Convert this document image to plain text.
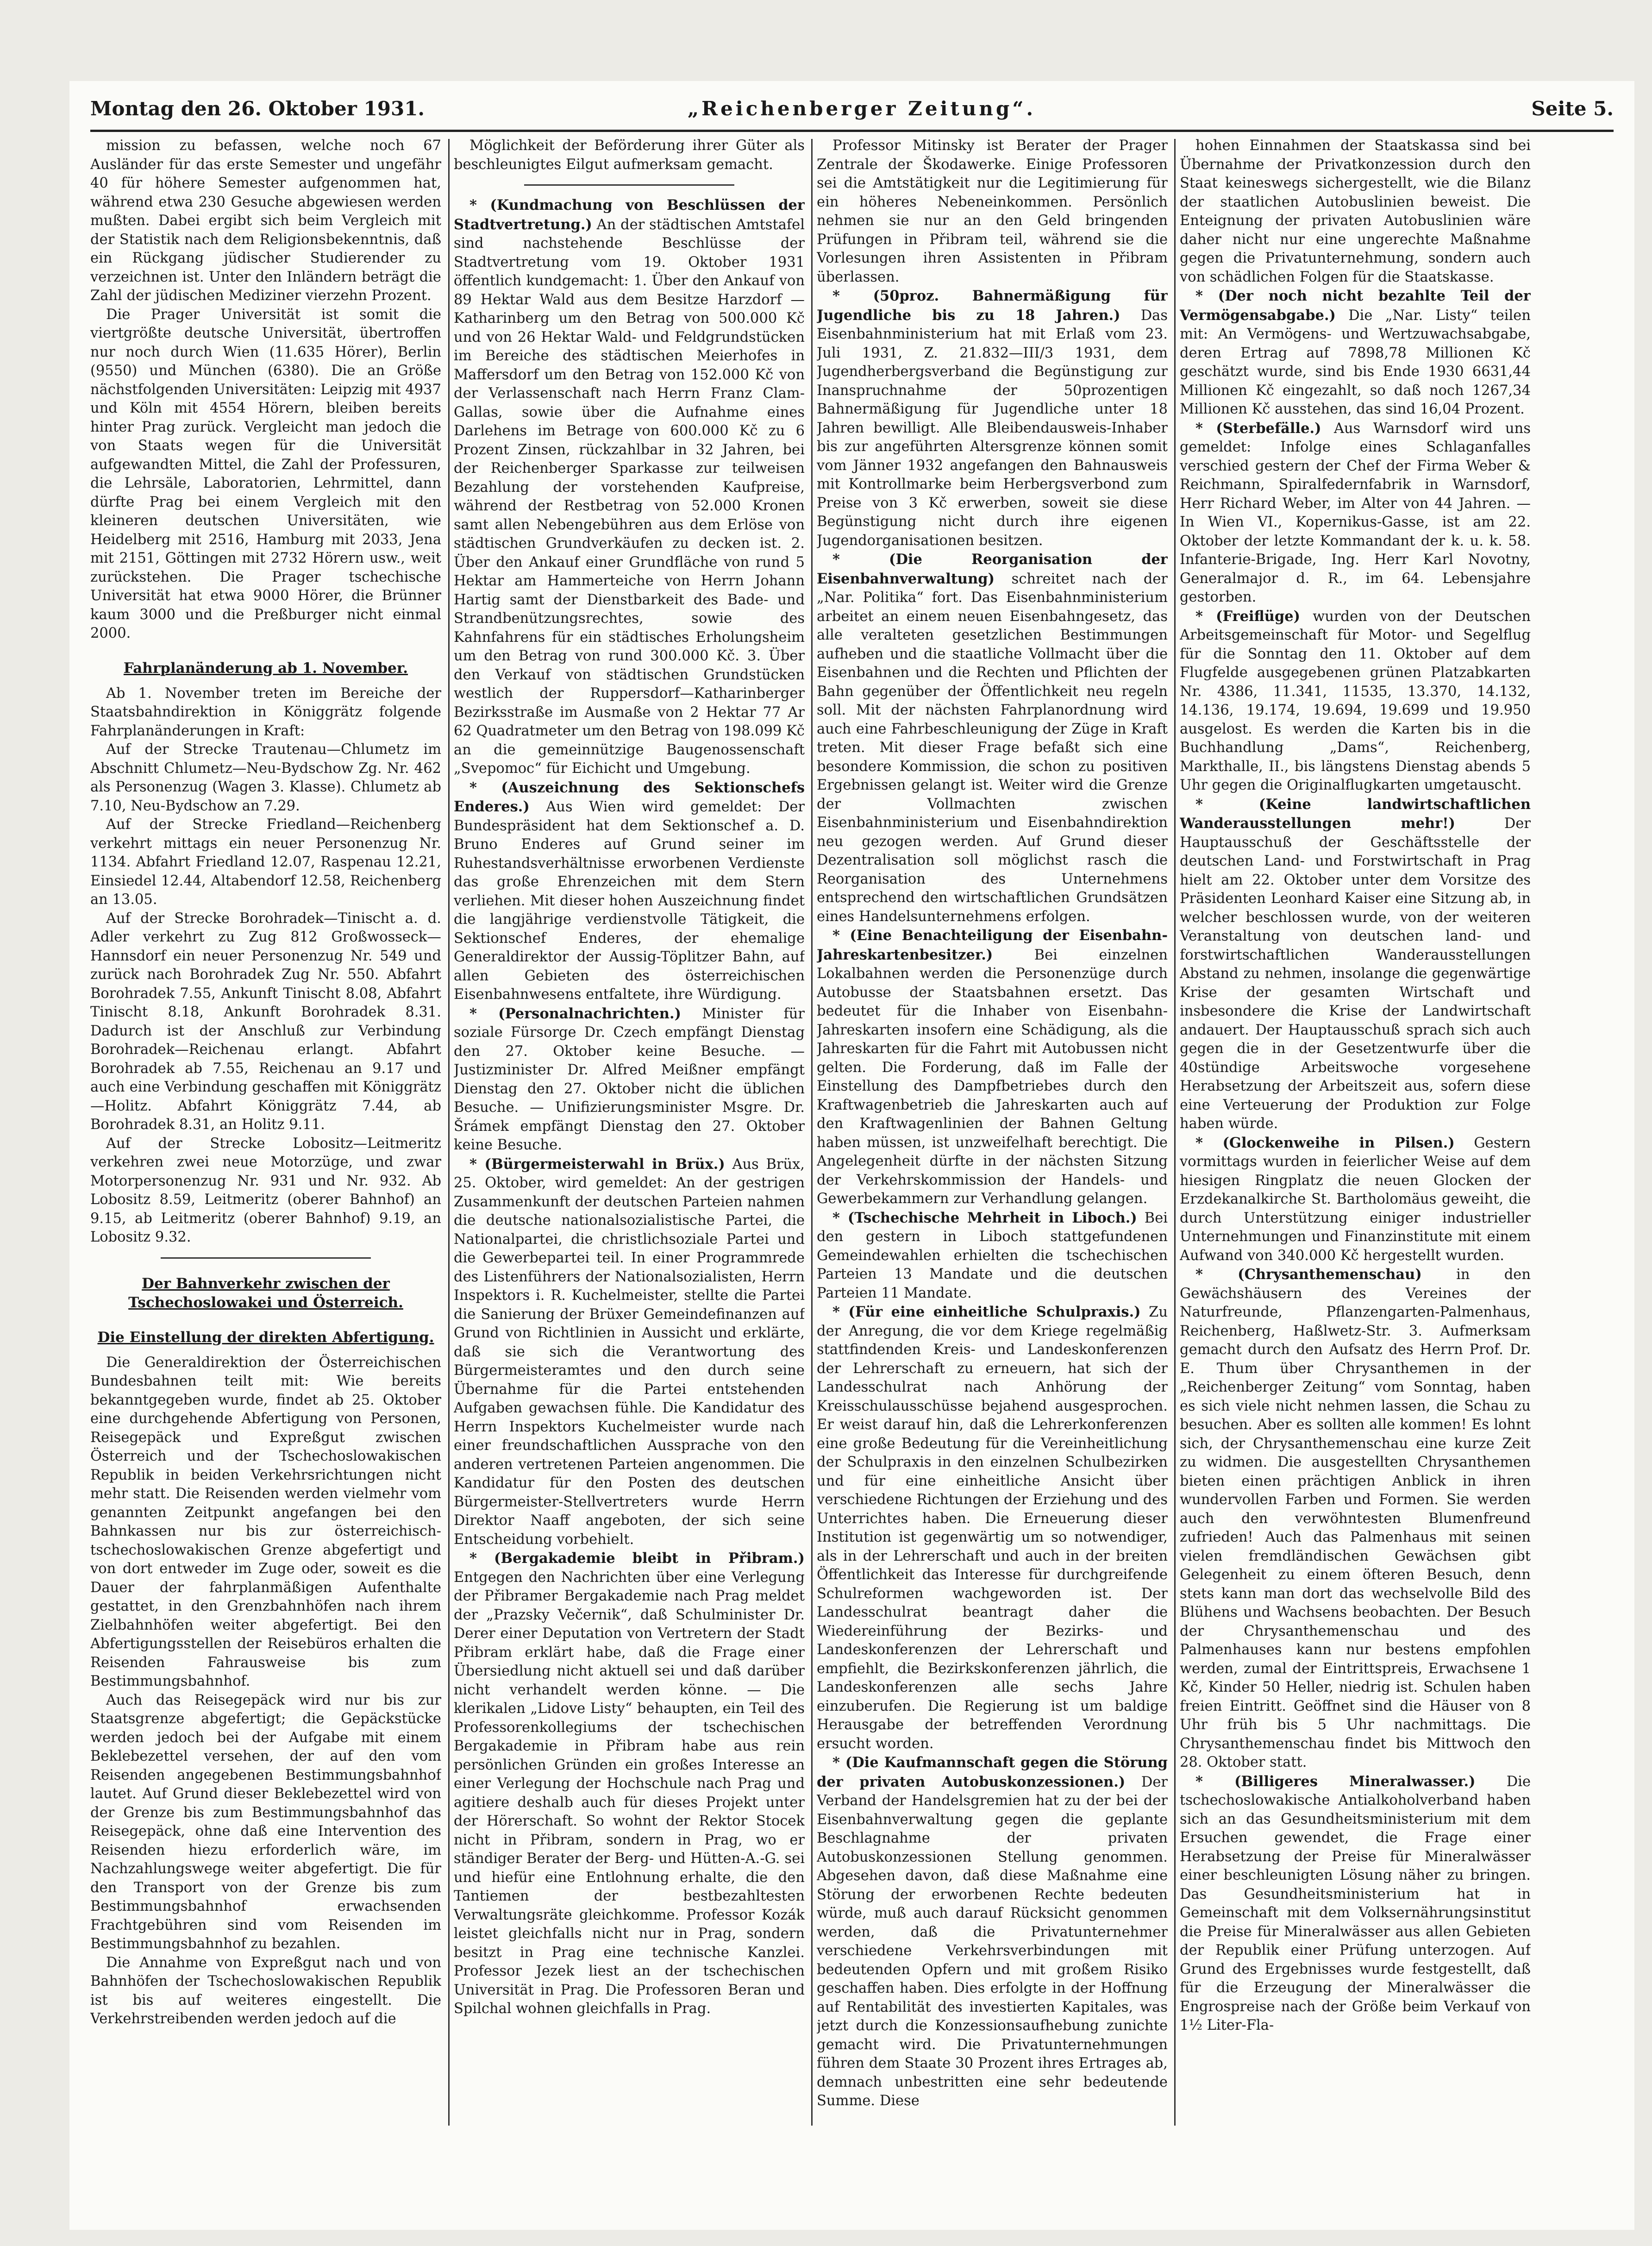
Montag den 26. Oktober 1931.	„Reichenberger Zeitung“.	Seite 5.

mission zu befassen, welche noch 67 Ausländer für das erste Semester und ungefähr 40 für höhere Semester aufgenommen hat, während etwa 230 Gesuche abgewiesen werden mußten. Dabei ergibt sich beim Vergleich mit der Statistik nach dem Religionsbekenntnis, daß ein Rückgang jüdischer Studierender zu verzeichnen ist. Unter den Inländern beträgt die Zahl der jüdischen Mediziner vierzehn Prozent.

Die Prager Universität ist somit die viertgrößte deutsche Universität, übertroffen nur noch durch Wien (11.635 Hörer), Berlin (9550) und München (6380). Die an Größe nächstfolgenden Universitäten: Leipzig mit 4937 und Köln mit 4554 Hörern, bleiben bereits hinter Prag zurück. Vergleicht man jedoch die von Staats wegen für die Universität aufgewandten Mittel, die Zahl der Professuren, die Lehrsäle, Laboratorien, Lehrmittel, dann dürfte Prag bei einem Vergleich mit den kleineren deutschen Universitäten, wie Heidelberg mit 2516, Hamburg mit 2033, Jena mit 2151, Göttingen mit 2732 Hörern usw., weit zurückstehen. Die Prager tschechische Universität hat etwa 9000 Hörer, die Brünner kaum 3000 und die Preßburger nicht einmal 2000.

Fahrplanänderung ab 1. November.

Ab 1. November treten im Bereiche der Staatsbahndirektion in Königgrätz folgende Fahrplanänderungen in Kraft:

Auf der Strecke Trautenau—Chlumetz im Abschnitt Chlumetz—Neu-Bydschow Zg. Nr. 462 als Personenzug (Wagen 3. Klasse). Chlumetz ab 7.10, Neu-Bydschow an 7.29.

Auf der Strecke Friedland—Reichenberg verkehrt mittags ein neuer Personenzug Nr. 1134. Abfahrt Friedland 12.07, Raspenau 12.21, Einsiedel 12.44, Altabendorf 12.58, Reichenberg an 13.05.

Auf der Strecke Borohradek—Tinischt a. d. Adler verkehrt zu Zug 812 Großwosseck—Hannsdorf ein neuer Personenzug Nr. 549 und zurück nach Borohradek Zug Nr. 550. Abfahrt Borohradek 7.55, Ankunft Tinischt 8.08, Abfahrt Tinischt 8.18, Ankunft Borohradek 8.31. Dadurch ist der Anschluß zur Verbindung Borohradek—Reichenau erlangt. Abfahrt Borohradek ab 7.55, Reichenau an 9.17 und auch eine Verbindung geschaffen mit Königgrätz—Holitz. Abfahrt Königgrätz 7.44, ab Borohradek 8.31, an Holitz 9.11.

Auf der Strecke Lobositz—Leitmeritz verkehren zwei neue Motorzüge, und zwar Motorpersonenzug Nr. 931 und Nr. 932. Ab Lobositz 8.59, Leitmeritz (oberer Bahnhof) an 9.15, ab Leitmeritz (oberer Bahnhof) 9.19, an Lobositz 9.32.

Der Bahnverkehr zwischen der Tschechoslowakei und Österreich.
Die Einstellung der direkten Abfertigung.

Die Generaldirektion der Österreichischen Bundesbahnen teilt mit: Wie bereits bekanntgegeben wurde, findet ab 25. Oktober eine durchgehende Abfertigung von Personen, Reisegepäck und Expreßgut zwischen Österreich und der Tschechoslowakischen Republik in beiden Verkehrsrichtungen nicht mehr statt. Die Reisenden werden vielmehr vom genannten Zeitpunkt angefangen bei den Bahnkassen nur bis zur österreichisch-tschechoslowakischen Grenze abgefertigt und von dort entweder im Zuge oder, soweit es die Dauer der fahrplanmäßigen Aufenthalte gestattet, in den Grenzbahnhöfen nach ihrem Zielbahnhöfen weiter abgefertigt. Bei den Abfertigungsstellen der Reisebüros erhalten die Reisenden Fahrausweise bis zum Bestimmungsbahnhof.

Auch das Reisegepäck wird nur bis zur Staatsgrenze abgefertigt; die Gepäckstücke werden jedoch bei der Aufgabe mit einem Beklebezettel versehen, der auf den vom Reisenden angegebenen Bestimmungsbahnhof lautet. Auf Grund dieser Beklebezettel wird von der Grenze bis zum Bestimmungsbahnhof das Reisegepäck, ohne daß eine Intervention des Reisenden hiezu erforderlich wäre, im Nachzahlungswege weiter abgefertigt. Die für den Transport von der Grenze bis zum Bestimmungsbahnhof erwachsenden Frachtgebühren sind vom Reisenden im Bestimmungsbahnhof zu bezahlen.

Die Annahme von Expreßgut nach und von Bahnhöfen der Tschechoslowakischen Republik ist bis auf weiteres eingestellt. Die Verkehrstreibenden werden jedoch auf die

Möglichkeit der Beförderung ihrer Güter als beschleunigtes Eilgut aufmerksam gemacht.

* (Kundmachung von Beschlüssen der Stadtvertretung.) An der städtischen Amtstafel sind nachstehende Beschlüsse der Stadtvertretung vom 19. Oktober 1931 öffentlich kundgemacht: 1. Über den Ankauf von 89 Hektar Wald aus dem Besitze Harzdorf — Katharinberg um den Betrag von 500.000 Kč und von 26 Hektar Wald- und Feldgrundstücken im Bereiche des städtischen Meierhofes in Maffersdorf um den Betrag von 152.000 Kč von der Verlassenschaft nach Herrn Franz Clam-Gallas, sowie über die Aufnahme eines Darlehens im Betrage von 600.000 Kč zu 6 Prozent Zinsen, rückzahlbar in 32 Jahren, bei der Reichenberger Sparkasse zur teilweisen Bezahlung der vorstehenden Kaufpreise, während der Restbetrag von 52.000 Kronen samt allen Nebengebühren aus dem Erlöse von städtischen Grundverkäufen zu decken ist. 2. Über den Ankauf einer Grundfläche von rund 5 Hektar am Hammerteiche von Herrn Johann Hartig samt der Dienstbarkeit des Bade- und Strandbenützungsrechtes, sowie des Kahnfahrens für ein städtisches Erholungsheim um den Betrag von rund 300.000 Kč. 3. Über den Verkauf von städtischen Grundstücken westlich der Ruppersdorf—Katharinberger Bezirksstraße im Ausmaße von 2 Hektar 77 Ar 62 Quadratmeter um den Betrag von 198.099 Kč an die gemeinnützige Baugenossenschaft „Svepomoc“ für Eichicht und Umgebung.

* (Auszeichnung des Sektionschefs Enderes.) Aus Wien wird gemeldet: Der Bundespräsident hat dem Sektionschef a. D. Bruno Enderes auf Grund seiner im Ruhestandsverhältnisse erworbenen Verdienste das große Ehrenzeichen mit dem Stern verliehen. Mit dieser hohen Auszeichnung findet die langjährige verdienstvolle Tätigkeit, die Sektionschef Enderes, der ehemalige Generaldirektor der Aussig-Töplitzer Bahn, auf allen Gebieten des österreichischen Eisenbahnwesens entfaltete, ihre Würdigung.

* (Personalnachrichten.) Minister für soziale Fürsorge Dr. Czech empfängt Dienstag den 27. Oktober keine Besuche. — Justizminister Dr. Alfred Meißner empfängt Dienstag den 27. Oktober nicht die üblichen Besuche. — Unifizierungsminister Msgre. Dr. Šrámek empfängt Dienstag den 27. Oktober keine Besuche.

* (Bürgermeisterwahl in Brüx.) Aus Brüx, 25. Oktober, wird gemeldet: An der gestrigen Zusammenkunft der deutschen Parteien nahmen die deutsche nationalsozialistische Partei, die Nationalpartei, die christlichsoziale Partei und die Gewerbepartei teil. In einer Programmrede des Listenführers der Nationalsozialisten, Herrn Inspektors i. R. Kuchelmeister, stellte die Partei die Sanierung der Brüxer Gemeindefinanzen auf Grund von Richtlinien in Aussicht und erklärte, daß sie sich die Verantwortung des Bürgermeisteramtes und den durch seine Übernahme für die Partei entstehenden Aufgaben gewachsen fühle. Die Kandidatur des Herrn Inspektors Kuchelmeister wurde nach einer freundschaftlichen Aussprache von den anderen vertretenen Parteien angenommen. Die Kandidatur für den Posten des deutschen Bürgermeister-Stellvertreters wurde Herrn Direktor Naaff angeboten, der sich seine Entscheidung vorbehielt.

* (Bergakademie bleibt in Přibram.) Entgegen den Nachrichten über eine Verlegung der Přibramer Bergakademie nach Prag meldet der „Prazsky Večernik“, daß Schulminister Dr. Derer einer Deputation von Vertretern der Stadt Přibram erklärt habe, daß die Frage einer Übersiedlung nicht aktuell sei und daß darüber nicht verhandelt werden könne. — Die klerikalen „Lidove Listy“ behaupten, ein Teil des Professorenkollegiums der tschechischen Bergakademie in Přibram habe aus rein persönlichen Gründen ein großes Interesse an einer Verlegung der Hochschule nach Prag und agitiere deshalb auch für dieses Projekt unter der Hörerschaft. So wohnt der Rektor Stocek nicht in Přibram, sondern in Prag, wo er ständiger Berater der Berg- und Hütten-A.-G. sei und hiefür eine Entlohnung erhalte, die den Tantiemen der bestbezahltesten Verwaltungsräte gleichkomme. Professor Kozák leistet gleichfalls nicht nur in Prag, sondern besitzt in Prag eine technische Kanzlei. Professor Jezek liest an der tschechischen Universität in Prag. Die Professoren Beran und Spilchal wohnen gleichfalls in Prag.

Professor Mitinsky ist Berater der Prager Zentrale der Škodawerke. Einige Professoren sei die Amtstätigkeit nur die Legitimierung für ein höheres Nebeneinkommen. Persönlich nehmen sie nur an den Geld bringenden Prüfungen in Přibram teil, während sie die Vorlesungen ihren Assistenten in Přibram überlassen.

* (50proz. Bahnermäßigung für Jugendliche bis zu 18 Jahren.) Das Eisenbahnministerium hat mit Erlaß vom 23. Juli 1931, Z. 21.832—III/3 1931, dem Jugendherbergsverband die Begünstigung zur Inanspruchnahme der 50prozentigen Bahnermäßigung für Jugendliche unter 18 Jahren bewilligt. Alle Bleibendausweis-Inhaber bis zur angeführten Altersgrenze können somit vom Jänner 1932 angefangen den Bahnausweis mit Kontrollmarke beim Herbergsverbond zum Preise von 3 Kč erwerben, soweit sie diese Begünstigung nicht durch ihre eigenen Jugendorganisationen besitzen.

* (Die Reorganisation der Eisenbahnverwaltung) schreitet nach der „Nar. Politika“ fort. Das Eisenbahnministerium arbeitet an einem neuen Eisenbahngesetz, das alle veralteten gesetzlichen Bestimmungen aufheben und die staatliche Vollmacht über die Eisenbahnen und die Rechten und Pflichten der Bahn gegenüber der Öffentlichkeit neu regeln soll. Mit der nächsten Fahrplanordnung wird auch eine Fahrbeschleunigung der Züge in Kraft treten. Mit dieser Frage befaßt sich eine besondere Kommission, die schon zu positiven Ergebnissen gelangt ist. Weiter wird die Grenze der Vollmachten zwischen Eisenbahnministerium und Eisenbahndirektion neu gezogen werden. Auf Grund dieser Dezentralisation soll möglichst rasch die Reorganisation des Unternehmens entsprechend den wirtschaftlichen Grundsätzen eines Handelsunternehmens erfolgen.

* (Eine Benachteiligung der Eisenbahn-Jahreskartenbesitzer.) Bei einzelnen Lokalbahnen werden die Personenzüge durch Autobusse der Staatsbahnen ersetzt. Das bedeutet für die Inhaber von Eisenbahn-Jahreskarten insofern eine Schädigung, als die Jahreskarten für die Fahrt mit Autobussen nicht gelten. Die Forderung, daß im Falle der Einstellung des Dampfbetriebes durch den Kraftwagenbetrieb die Jahreskarten auch auf den Kraftwagenlinien der Bahnen Geltung haben müssen, ist unzweifelhaft berechtigt. Die Angelegenheit dürfte in der nächsten Sitzung der Verkehrskommission der Handels- und Gewerbekammern zur Verhandlung gelangen.

* (Tschechische Mehrheit in Liboch.) Bei den gestern in Liboch stattgefundenen Gemeindewahlen erhielten die tschechischen Parteien 13 Mandate und die deutschen Parteien 11 Mandate.

* (Für eine einheitliche Schulpraxis.) Zu der Anregung, die vor dem Kriege regelmäßig stattfindenden Kreis- und Landeskonferenzen der Lehrerschaft zu erneuern, hat sich der Landesschulrat nach Anhörung der Kreisschulausschüsse bejahend ausgesprochen. Er weist darauf hin, daß die Lehrerkonferenzen eine große Bedeutung für die Vereinheitlichung der Schulpraxis in den einzelnen Schulbezirken und für eine einheitliche Ansicht über verschiedene Richtungen der Erziehung und des Unterrichtes haben. Die Erneuerung dieser Institution ist gegenwärtig um so notwendiger, als in der Lehrerschaft und auch in der breiten Öffentlichkeit das Interesse für durchgreifende Schulreformen wachgeworden ist. Der Landesschulrat beantragt daher die Wiedereinführung der Bezirks- und Landeskonferenzen der Lehrerschaft und empfiehlt, die Bezirkskonferenzen jährlich, die Landeskonferenzen alle sechs Jahre einzuberufen. Die Regierung ist um baldige Herausgabe der betreffenden Verordnung ersucht worden.

* (Die Kaufmannschaft gegen die Störung der privaten Autobuskonzessionen.) Der Verband der Handelsgremien hat zu der bei der Eisenbahnverwaltung gegen die geplante Beschlagnahme der privaten Autobuskonzessionen Stellung genommen. Abgesehen davon, daß diese Maßnahme eine Störung der erworbenen Rechte bedeuten würde, muß auch darauf Rücksicht genommen werden, daß die Privatunternehmer verschiedene Verkehrsverbindungen mit bedeutenden Opfern und mit großem Risiko geschaffen haben. Dies erfolgte in der Hoffnung auf Rentabilität des investierten Kapitales, was jetzt durch die Konzessionsaufhebung zunichte gemacht wird. Die Privatunternehmungen führen dem Staate 30 Prozent ihres Ertrages ab, demnach unbestritten eine sehr bedeutende Summe. Diese

hohen Einnahmen der Staatskassa sind bei Übernahme der Privatkonzession durch den Staat keineswegs sichergestellt, wie die Bilanz der staatlichen Autobuslinien beweist. Die Enteignung der privaten Autobuslinien wäre daher nicht nur eine ungerechte Maßnahme gegen die Privatunternehmung, sondern auch von schädlichen Folgen für die Staatskasse.

* (Der noch nicht bezahlte Teil der Vermögensabgabe.) Die „Nar. Listy“ teilen mit: An Vermögens- und Wertzuwachsabgabe, deren Ertrag auf 7898,78 Millionen Kč geschätzt wurde, sind bis Ende 1930 6631,44 Millionen Kč eingezahlt, so daß noch 1267,34 Millionen Kč ausstehen, das sind 16,04 Prozent.

* (Sterbefälle.) Aus Warnsdorf wird uns gemeldet: Infolge eines Schlaganfalles verschied gestern der Chef der Firma Weber & Reichmann, Spiralfedernfabrik in Warnsdorf, Herr Richard Weber, im Alter von 44 Jahren. — In Wien VI., Kopernikus-Gasse, ist am 22. Oktober der letzte Kommandant der k. u. k. 58. Infanterie-Brigade, Ing. Herr Karl Novotny, Generalmajor d. R., im 64. Lebensjahre gestorben.

* (Freiflüge) wurden von der Deutschen Arbeitsgemeinschaft für Motor- und Segelflug für die Sonntag den 11. Oktober auf dem Flugfelde ausgegebenen grünen Platzabkarten Nr. 4386, 11.341, 11535, 13.370, 14.132, 14.136, 19.174, 19.694, 19.699 und 19.950 ausgelost. Es werden die Karten bis in die Buchhandlung „Dams“, Reichenberg, Markthalle, II., bis längstens Dienstag abends 5 Uhr gegen die Originalflugkarten umgetauscht.

* (Keine landwirtschaftlichen Wanderausstellungen mehr!) Der Hauptausschuß der Geschäftsstelle der deutschen Land- und Forstwirtschaft in Prag hielt am 22. Oktober unter dem Vorsitze des Präsidenten Leonhard Kaiser eine Sitzung ab, in welcher beschlossen wurde, von der weiteren Veranstaltung von deutschen land- und forstwirtschaftlichen Wanderausstellungen Abstand zu nehmen, insolange die gegenwärtige Krise der gesamten Wirtschaft und insbesondere die Krise der Landwirtschaft andauert. Der Hauptausschuß sprach sich auch gegen die in der Gesetzentwurfe über die 40stündige Arbeitswoche vorgesehene Herabsetzung der Arbeitszeit aus, sofern diese eine Verteuerung der Produktion zur Folge haben würde.

* (Glockenweihe in Pilsen.) Gestern vormittags wurden in feierlicher Weise auf dem hiesigen Ringplatz die neuen Glocken der Erzdekanalkirche St. Bartholomäus geweiht, die durch Unterstützung einiger industrieller Unternehmungen und Finanzinstitute mit einem Aufwand von 340.000 Kč hergestellt wurden.

* (Chrysanthemenschau) in den Gewächshäusern des Vereines der Naturfreunde, Pflanzengarten-Palmenhaus, Reichenberg, Haßlwetz-Str. 3. Aufmerksam gemacht durch den Aufsatz des Herrn Prof. Dr. E. Thum über Chrysanthemen in der „Reichenberger Zeitung“ vom Sonntag, haben es sich viele nicht nehmen lassen, die Schau zu besuchen. Aber es sollten alle kommen! Es lohnt sich, der Chrysanthemenschau eine kurze Zeit zu widmen. Die ausgestellten Chrysanthemen bieten einen prächtigen Anblick in ihren wundervollen Farben und Formen. Sie werden auch den verwöhntesten Blumenfreund zufrieden! Auch das Palmenhaus mit seinen vielen fremdländischen Gewächsen gibt Gelegenheit zu einem öfteren Besuch, denn stets kann man dort das wechselvolle Bild des Blühens und Wachsens beobachten. Der Besuch der Chrysanthemenschau und des Palmenhauses kann nur bestens empfohlen werden, zumal der Eintrittspreis, Erwachsene 1 Kč, Kinder 50 Heller, niedrig ist. Schulen haben freien Eintritt. Geöffnet sind die Häuser von 8 Uhr früh bis 5 Uhr nachmittags. Die Chrysanthemenschau findet bis Mittwoch den 28. Oktober statt.

* (Billigeres Mineralwasser.) Die tschechoslowakische Antialkoholverband haben sich an das Gesundheitsministerium mit dem Ersuchen gewendet, die Frage einer Herabsetzung der Preise für Mineralwässer einer beschleunigten Lösung näher zu bringen. Das Gesundheitsministerium hat in Gemeinschaft mit dem Volksernährungsinstitut die Preise für Mineralwässer aus allen Gebieten der Republik einer Prüfung unterzogen. Auf Grund des Ergebnisses wurde festgestellt, daß für die Erzeugung der Mineralwässer die Engrospreise nach der Größe beim Verkauf von 1½ Liter-Fla-
